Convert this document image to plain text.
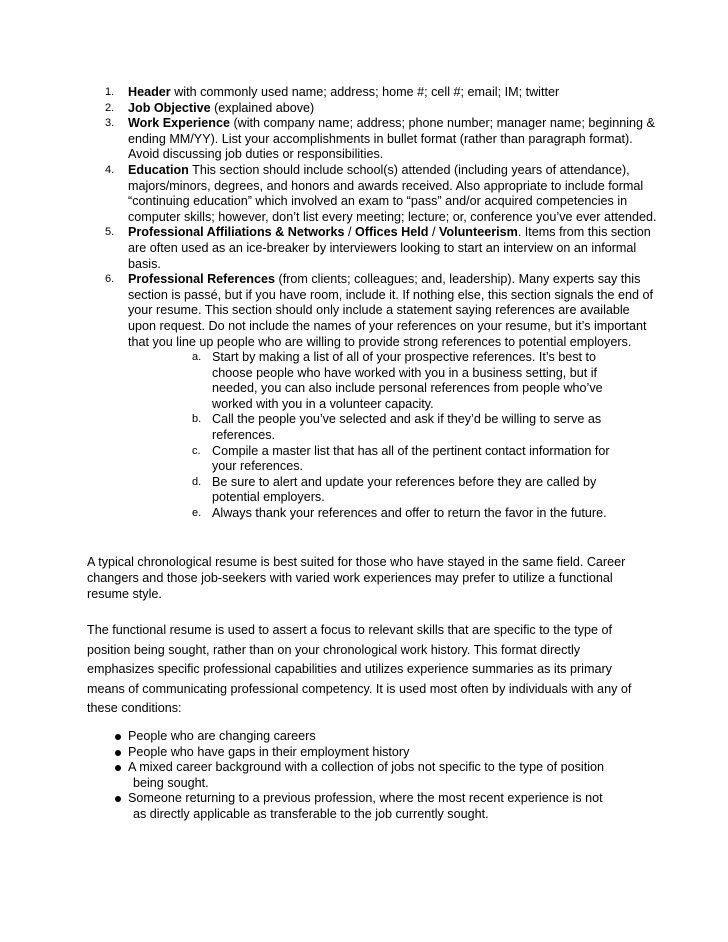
1.	Header with commonly used name; address; home #; cell #; email; IM; twitter
2.	Job Objective (explained above)
3.	Work Experience (with company name; address; phone number; manager name; beginning & ending MM/YY). List your accomplishments in bullet format (rather than paragraph format). Avoid discussing job duties or responsibilities.
4.	Education This section should include school(s) attended (including years of attendance), majors/minors, degrees, and honors and awards received. Also appropriate to include formal “continuing education” which involved an exam to “pass” and/or acquired competencies in computer skills; however, don’t list every meeting; lecture; or, conference you’ve ever attended.
5.	Professional Affiliations & Networks / Offices Held / Volunteerism. Items from this section are often used as an ice-breaker by interviewers looking to start an interview on an informal basis.
6.	Professional References (from clients; colleagues; and, leadership). Many experts say this section is passé, but if you have room, include it. If nothing else, this section signals the end of your resume. This section should only include a statement saying references are available upon request. Do not include the names of your references on your resume, but it’s important that you line up people who are willing to provide strong references to potential employers.
a. Start by making a list of all of your prospective references. It’s best to choose people who have worked with you in a business setting, but if needed, you can also include personal references from people who’ve worked with you in a volunteer capacity.
b. Call the people you’ve selected and ask if they’d be willing to serve as references.
c. Compile a master list that has all of the pertinent contact information for your references.
d. Be sure to alert and update your references before they are called by potential employers.
e. Always thank your references and offer to return the favor in the future.

A typical chronological resume is best suited for those who have stayed in the same field. Career changers and those job-seekers with varied work experiences may prefer to utilize a functional resume style.

The functional resume is used to assert a focus to relevant skills that are specific to the type of position being sought, rather than on your chronological work history. This format directly emphasizes specific professional capabilities and utilizes experience summaries as its primary means of communicating professional competency. It is used most often by individuals with any of these conditions:

People who are changing careers
People who have gaps in their employment history
A mixed career background with a collection of jobs not specific to the type of position
being sought.
Someone returning to a previous profession, where the most recent experience is not
as directly applicable as transferable to the job currently sought.
